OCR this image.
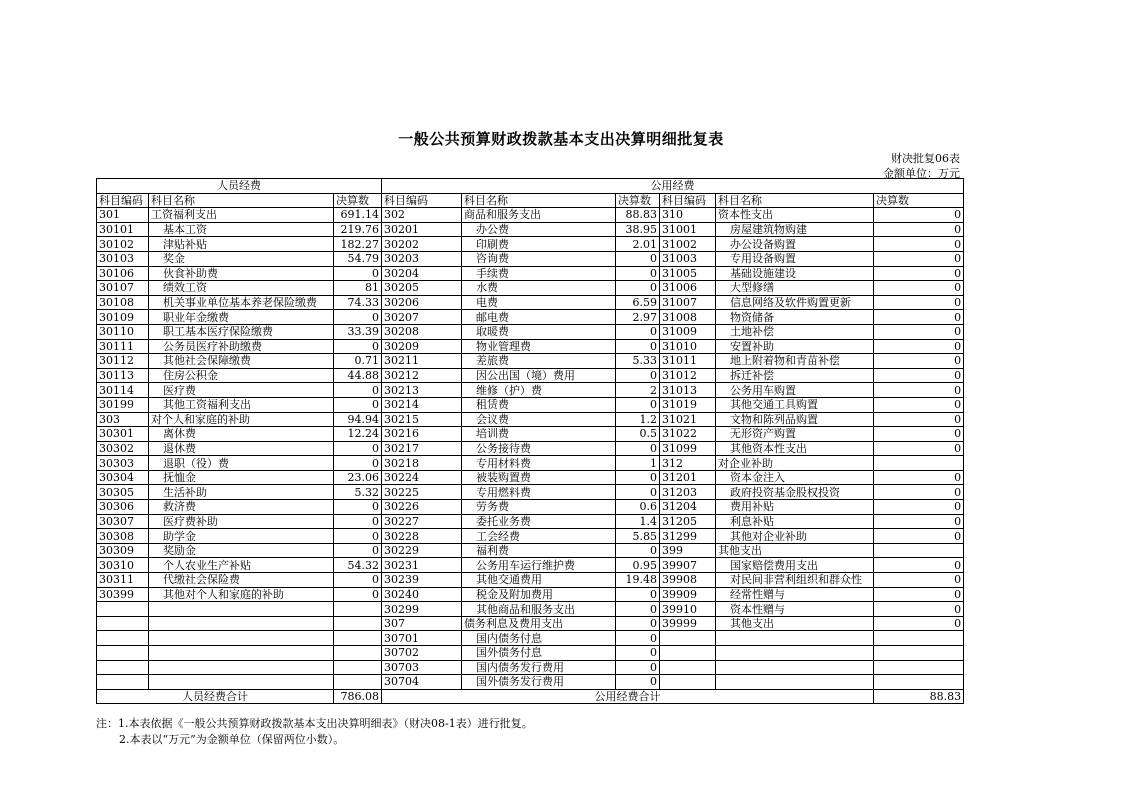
一般公共预算财政拨款基本支出决算明细批复表
财决批复06表
金额单位：万元
人员经费			公用经费					
科目编码	科目名称	决算数	科目编码	科目名称	决算数	科目编码	科目名称	决算数
301	工资福利支出	691.14	302	商品和服务支出	88.83	310	资本性支出	0
30101	基本工资	219.76	30201	办公费	38.95	31001	房屋建筑物购建	0
30102	津贴补贴	182.27	30202	印刷费	2.01	31002	办公设备购置	0
30103	奖金	54.79	30203	咨询费	0	31003	专用设备购置	0
30106	伙食补助费	0	30204	手续费	0	31005	基础设施建设	0
30107	绩效工资	81	30205	水费	0	31006	大型修缮	0
30108	机关事业单位基本养老保险缴费	74.33	30206	电费	6.59	31007	信息网络及软件购置更新	0
30109	职业年金缴费	0	30207	邮电费	2.97	31008	物资储备	0
30110	职工基本医疗保险缴费	33.39	30208	取暖费	0	31009	土地补偿	0
30111	公务员医疗补助缴费	0	30209	物业管理费	0	31010	安置补助	0
30112	其他社会保障缴费	0.71	30211	差旅费	5.33	31011	地上附着物和青苗补偿	0
30113	住房公积金	44.88	30212	因公出国（境）费用	0	31012	拆迁补偿	0
30114	医疗费	0	30213	维修（护）费	2	31013	公务用车购置	0
30199	其他工资福利支出	0	30214	租赁费	0	31019	其他交通工具购置	0
303	对个人和家庭的补助	94.94	30215	会议费	1.2	31021	文物和陈列品购置	0
30301	离休费	12.24	30216	培训费	0.5	31022	无形资产购置	0
30302	退休费	0	30217	公务接待费	0	31099	其他资本性支出	0
30303	退职（役）费	0	30218	专用材料费	1	312	对企业补助	
30304	抚恤金	23.06	30224	被装购置费	0	31201	资本金注入	0
30305	生活补助	5.32	30225	专用燃料费	0	31203	政府投资基金股权投资	0
30306	救济费	0	30226	劳务费	0.6	31204	费用补贴	0
30307	医疗费补助	0	30227	委托业务费	1.4	31205	利息补贴	0
30308	助学金	0	30228	工会经费	5.85	31299	其他对企业补助	0
30309	奖励金	0	30229	福利费	0	399	其他支出	
30310	个人农业生产补贴	54.32	30231	公务用车运行维护费	0.95	39907	国家赔偿费用支出	0
30311	代缴社会保险费	0	30239	其他交通费用	19.48	39908	对民间非营利组织和群众性	0
30399	其他对个人和家庭的补助	0	30240	税金及附加费用	0	39909	经常性赠与	0
			30299	其他商品和服务支出	0	39910	资本性赠与	0
			307	债务利息及费用支出	0	39999	其他支出	0
			30701	国内债务付息	0			
			30702	国外债务付息	0			
			30703	国内债务发行费用	0			
			30704	国外债务发行费用	0			
人员经费合计		786.08	公用经费合计					88.83
注：1.本表依据《一般公共预算财政拨款基本支出决算明细表》（财决08-1表）进行批复。
2.本表以“万元”为金额单位（保留两位小数）。
